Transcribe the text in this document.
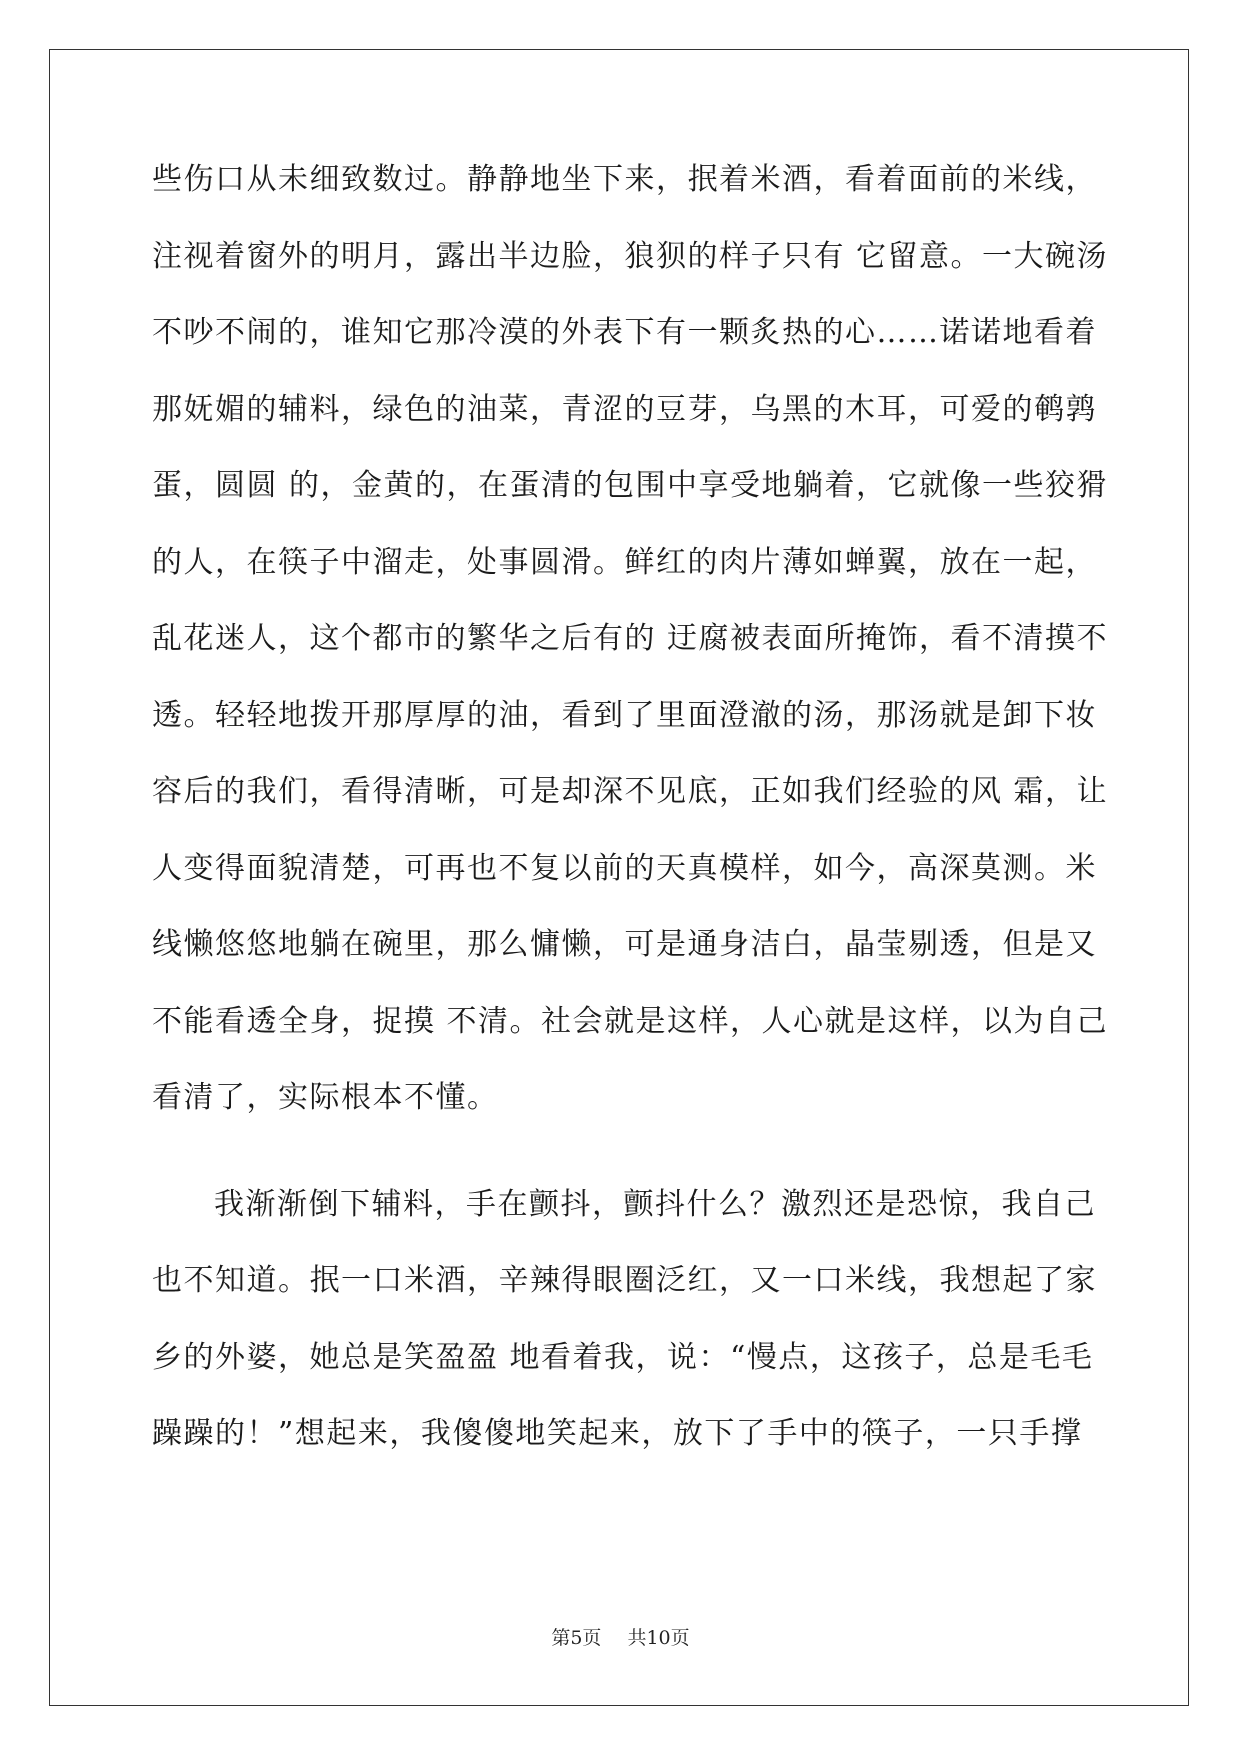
些伤口从未细致数过。静静地坐下来，抿着米酒，看着面前的米线，
注视着窗外的明月，露出半边脸，狼狈的样子只有 它留意。一大碗汤
不吵不闹的，谁知它那冷漠的外表下有一颗炙热的心……诺诺地看着
那妩媚的辅料，绿色的油菜，青涩的豆芽，乌黑的木耳，可爱的鹌鹑
蛋，圆圆 的，金黄的，在蛋清的包围中享受地躺着，它就像一些狡猾
的人，在筷子中溜走，处事圆滑。鲜红的肉片薄如蝉翼，放在一起，
乱花迷人，这个都市的繁华之后有的 迂腐被表面所掩饰，看不清摸不
透。轻轻地拨开那厚厚的油，看到了里面澄澈的汤，那汤就是卸下妆
容后的我们，看得清晰，可是却深不见底，正如我们经验的风 霜，让
人变得面貌清楚，可再也不复以前的天真模样，如今，高深莫测。米
线懒悠悠地躺在碗里，那么慵懒，可是通身洁白，晶莹剔透，但是又
不能看透全身，捉摸 不清。社会就是这样，人心就是这样，以为自己
看清了，实际根本不懂。
我渐渐倒下辅料，手在颤抖，颤抖什么？激烈还是恐惊，我自己
也不知道。抿一口米酒，辛辣得眼圈泛红，又一口米线，我想起了家
乡的外婆，她总是笑盈盈 地看着我，说：“慢点，这孩子，总是毛毛
躁躁的！”想起来，我傻傻地笑起来，放下了手中的筷子，一只手撑
第5页 共10页
